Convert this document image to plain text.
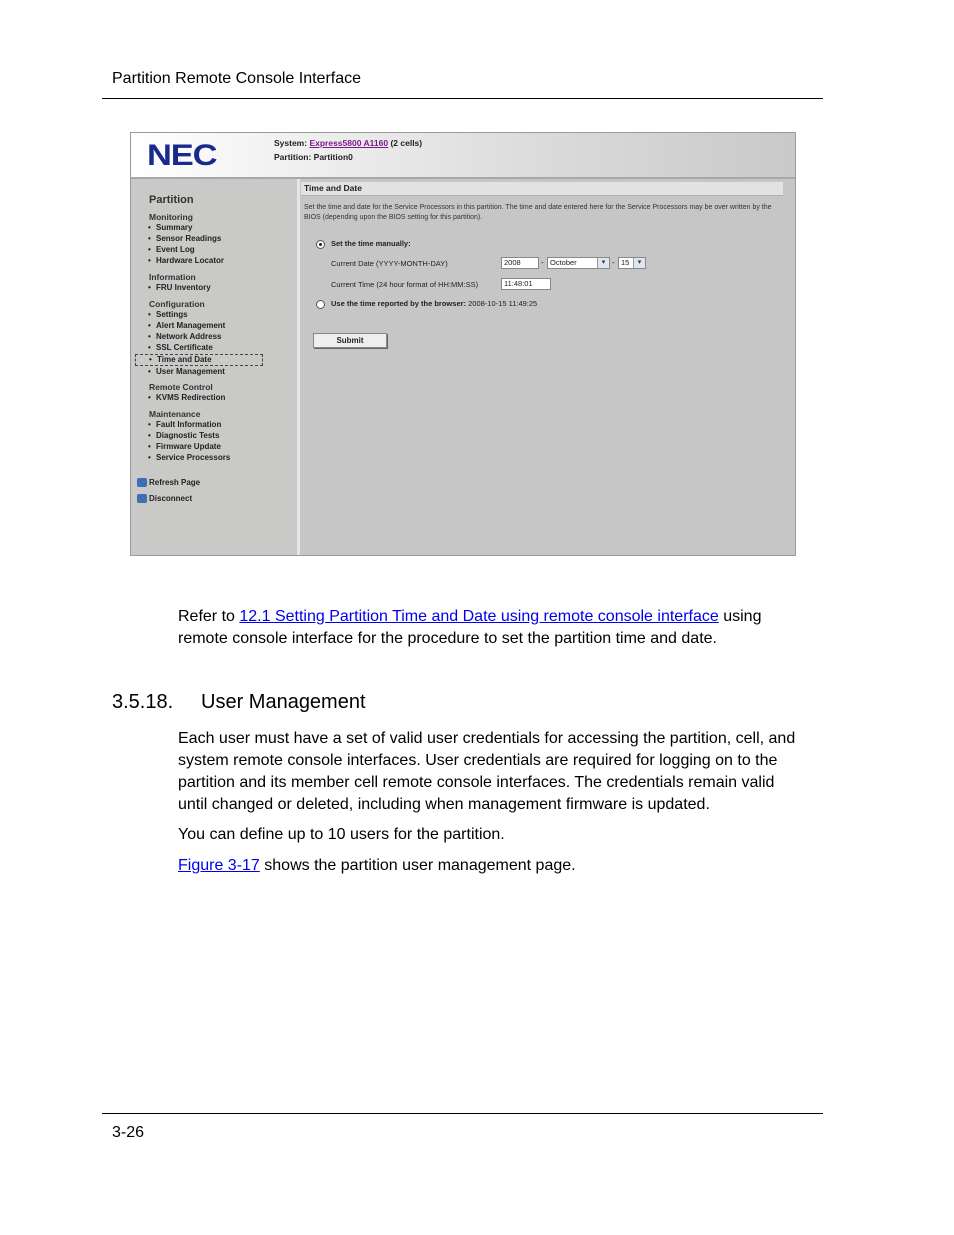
Partition Remote Console Interface
NEC	System: Express5800 A1160 (2 cells)
Partition: Partition0
Partition
Monitoring
• Summary
• Sensor Readings
• Event Log
• Hardware Locator
Information
• FRU Inventory
Configuration
• Settings
• Alert Management
• Network Address
• SSL Certificate
• Time and Date
• User Management
Remote Control
• KVMS Redirection
Maintenance
• Fault Information
• Diagnostic Tests
• Firmware Update
• Service Processors
Refresh Page
Disconnect
Time and Date
Set the time and date for the Service Processors in this partition. The time and date entered here for the Service Processors may be over written by the BIOS (depending upon the BIOS setting for this partition).
Set the time manually:
Current Date (YYYY-MONTH-DAY)	2008	- October	▾ - 15	▾
Current Time (24 hour format of HH:MM:SS)	11:48:01
Use the time reported by the browser: 2008-10-15 11:49:25
Submit
Refer to 12.1 Setting Partition Time and Date using remote console interface using
remote console interface for the procedure to set the partition time and date.
3.5.18. User Management
Each user must have a set of valid user credentials for accessing the partition, cell, and
system remote console interfaces. User credentials are required for logging on to the
partition and its member cell remote console interfaces. The credentials remain valid
until changed or deleted, including when management firmware is updated.
You can define up to 10 users for the partition.
Figure 3-17 shows the partition user management page.
3-26
